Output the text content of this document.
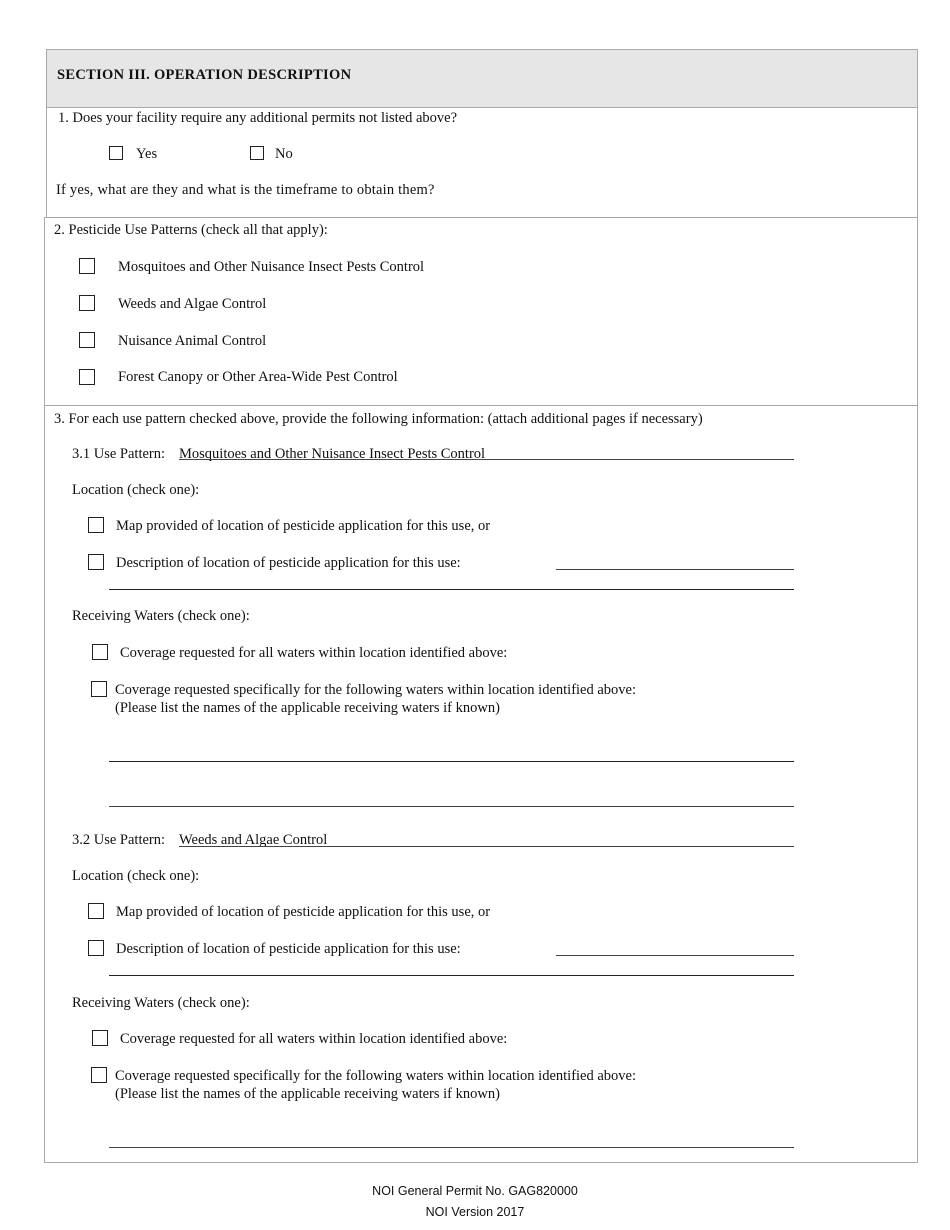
SECTION III. OPERATION DESCRIPTION
1. Does your facility require any additional permits not listed above?
Yes	No
If yes, what are they and what is the timeframe to obtain them?
2. Pesticide Use Patterns (check all that apply):
Mosquitoes and Other Nuisance Insect Pests Control
Weeds and Algae Control
Nuisance Animal Control
Forest Canopy or Other Area-Wide Pest Control
3. For each use pattern checked above, provide the following information: (attach additional pages if necessary)
3.1 Use Pattern: Mosquitoes and Other Nuisance Insect Pests Control
Location (check one):
Map provided of location of pesticide application for this use, or
Description of location of pesticide application for this use:
Receiving Waters (check one):
Coverage requested for all waters within location identified above:
Coverage requested specifically for the following waters within location identified above:
(Please list the names of the applicable receiving waters if known)
3.2 Use Pattern: Weeds and Algae Control
Location (check one):
Map provided of location of pesticide application for this use, or
Description of location of pesticide application for this use:
Receiving Waters (check one):
Coverage requested for all waters within location identified above:
Coverage requested specifically for the following waters within location identified above:
(Please list the names of the applicable receiving waters if known)
NOI General Permit No. GAG820000
NOI Version 2017
